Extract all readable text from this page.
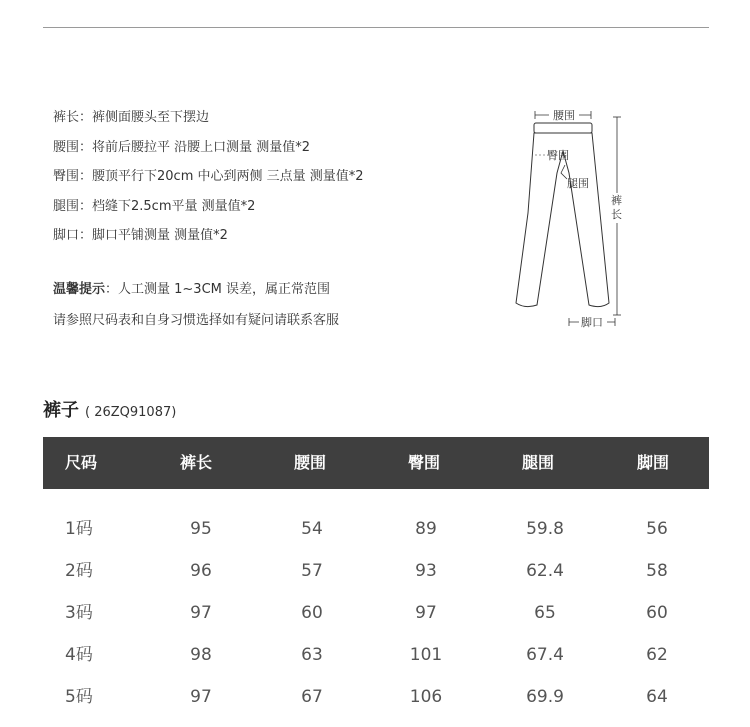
裤长：裤侧面腰头至下摆边
腰围：将前后腰拉平 沿腰上口测量 测量值*2
臀围：腰顶平行下20cm 中心到两侧 三点量 测量值*2
腿围：档缝下2.5cm平量 测量值*2
脚口：脚口平铺测量 测量值*2
温馨提示：人工测量 1~3CM 误差，属正常范围
请参照尺码表和自身习惯选择如有疑问请联系客服
腰围
臀围
腿围
裤
长
脚口
裤子 ( 26ZQ91087)
尺码	裤长	腰围	臀围	腿围	脚围
1码	95	54	89	59.8	56
2码	96	57	93	62.4	58
3码	97	60	97	65	60
4码	98	63	101	67.4	62
5码	97	67	106	69.9	64
